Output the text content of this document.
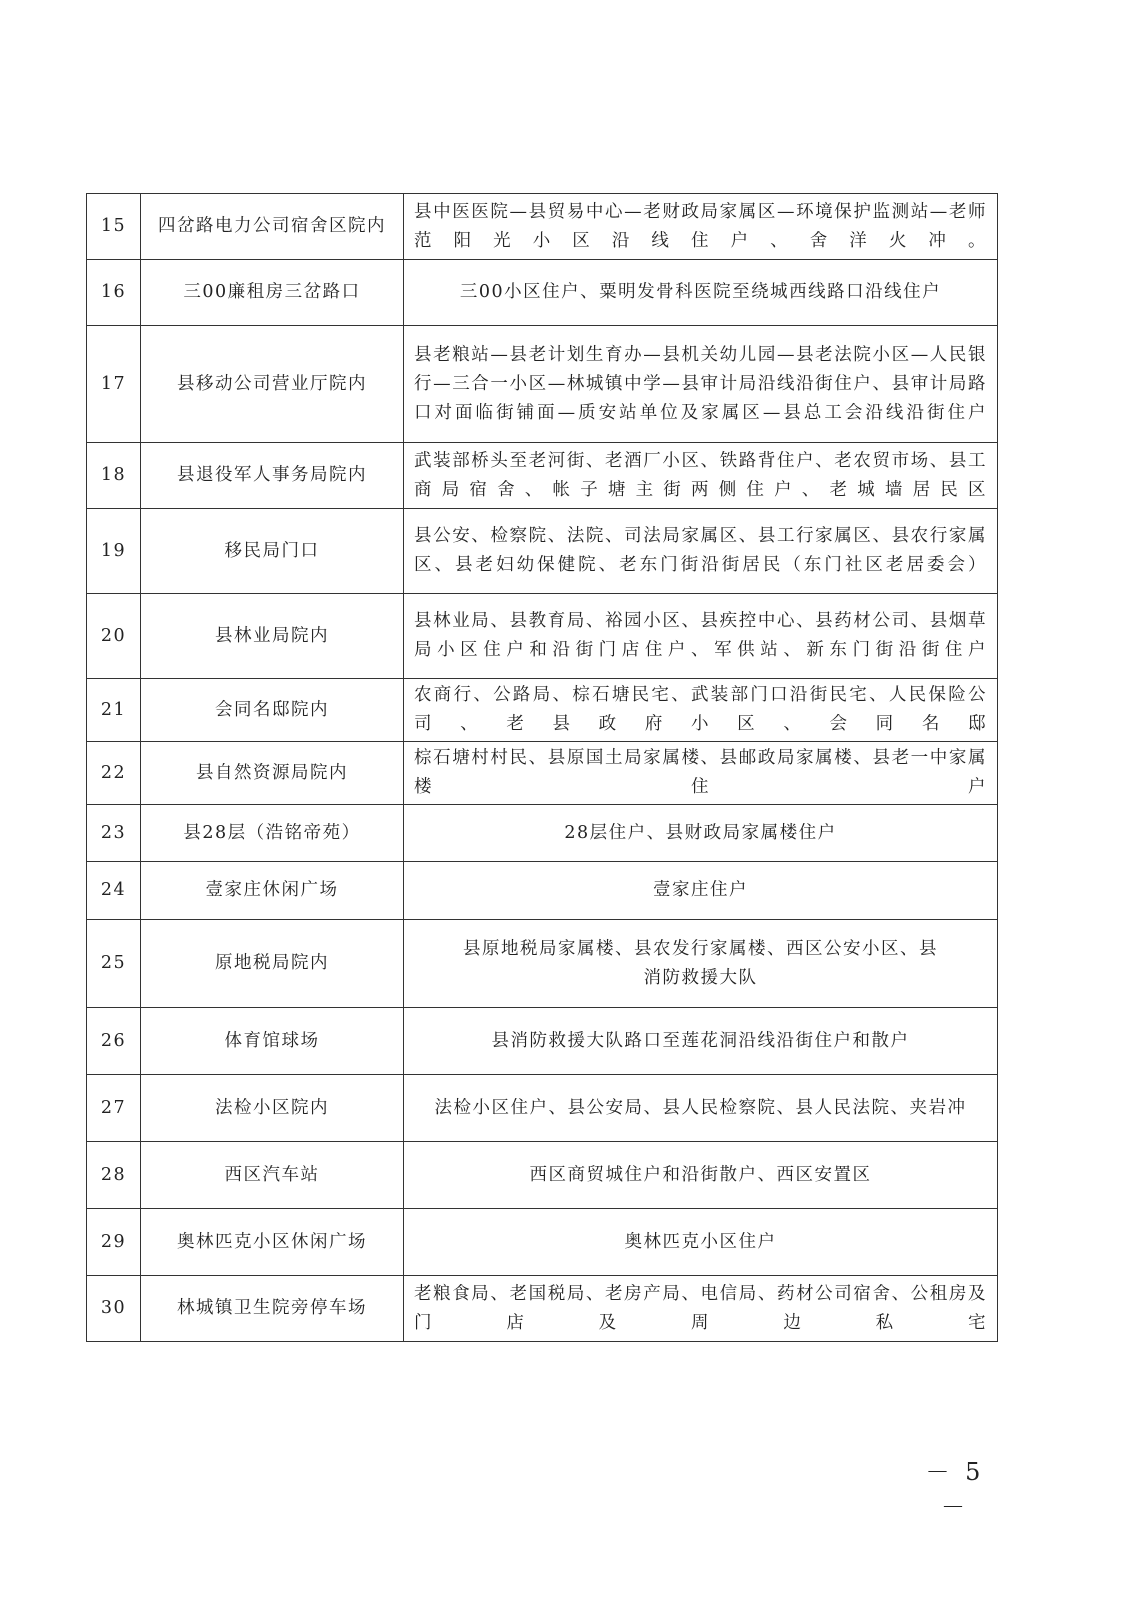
15	四岔路电力公司宿舍区院内	县中医医院—县贸易中心—老财政局家属区—环境保护监测站—老师范阳光小区沿线住户、舍洋火冲。
16	三00廉租房三岔路口	三00小区住户、粟明发骨科医院至绕城西线路口沿线住户
17	县移动公司营业厅院内	县老粮站—县老计划生育办—县机关幼儿园—县老法院小区—人民银行—三合一小区—林城镇中学—县审计局沿线沿街住户、县审计局路口对面临街铺面—质安站单位及家属区—县总工会沿线沿街住户
18	县退役军人事务局院内	武装部桥头至老河街、老酒厂小区、铁路背住户、老农贸市场、县工商局宿舍、帐子塘主街两侧住户、老城墙居民区
19	移民局门口	县公安、检察院、法院、司法局家属区、县工行家属区、县农行家属区、县老妇幼保健院、老东门街沿街居民（东门社区老居委会）
20	县林业局院内	县林业局、县教育局、裕园小区、县疾控中心、县药材公司、县烟草局小区住户和沿街门店住户、军供站、新东门街沿街住户
21	会同名邸院内	农商行、公路局、棕石塘民宅、武装部门口沿街民宅、人民保险公司、老县政府小区、会同名邸
22	县自然资源局院内	棕石塘村村民、县原国土局家属楼、县邮政局家属楼、县老一中家属楼住户
23	县28层（浩铭帝苑）	28层住户、县财政局家属楼住户
24	壹家庄休闲广场	壹家庄住户
25	原地税局院内	县原地税局家属楼、县农发行家属楼、西区公安小区、县消防救援大队
26	体育馆球场	县消防救援大队路口至莲花洞沿线沿街住户和散户
27	法检小区院内	法检小区住户、县公安局、县人民检察院、县人民法院、夹岩冲
28	西区汽车站	西区商贸城住户和沿街散户、西区安置区
29	奥林匹克小区休闲广场	奥林匹克小区住户
30	林城镇卫生院旁停车场	老粮食局、老国税局、老房产局、电信局、药材公司宿舍、公租房及门店及周边私宅
－ 5 －
